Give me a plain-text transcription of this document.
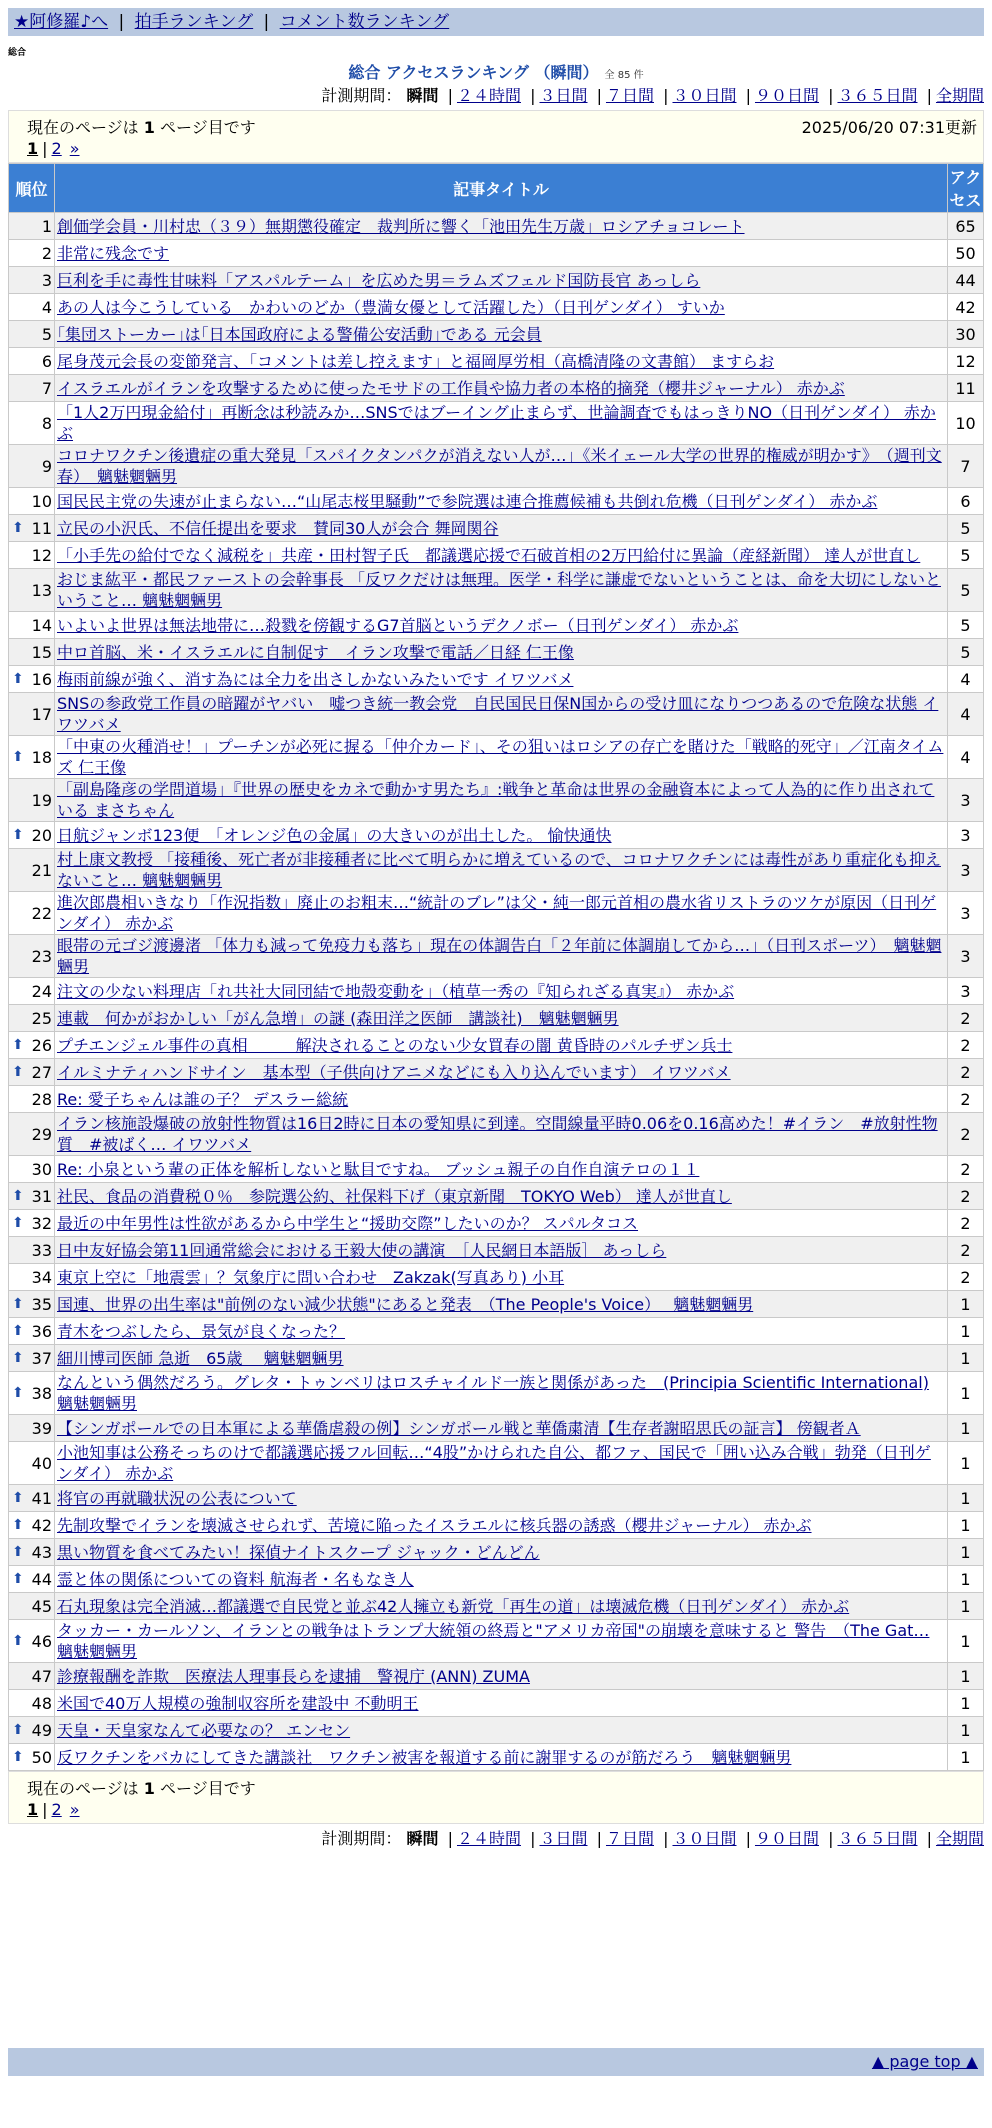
★阿修羅♪へ | 拍手ランキング | コメント数ランキング
総合
総合 アクセスランキング （瞬間） 全 85 件
計測期間： 瞬間 | ２４時間 | ３日間 | ７日間 | ３０日間 | ９０日間 | ３６５日間 | 全期間
現在のページは 1 ページ目です	2025/06/20 07:31更新
1 | 2 »
順位	記事タイトル	アクセス
1	創価学会員・川村忠（３９）無期懲役確定　裁判所に響く「池田先生万歳」ロシアチョコレート	65
2	非常に残念です	50
3	巨利を手に毒性甘味料「アスパルテーム」を広めた男＝ラムズフェルド国防長官 あっしら	44
4	あの人は今こうしている　かわいのどか（豊満女優として活躍した）（日刊ゲンダイ） すいか	42
5	｢集団ストーカー｣は｢日本国政府による警備公安活動｣である 元会員	30
6	尾身茂元会長の変節発言、「コメントは差し控えます」と福岡厚労相（高橋清隆の文書館） ますらお	12
7	イスラエルがイランを攻撃するために使ったモサドの工作員や協力者の本格的摘発（櫻井ジャーナル） 赤かぶ	11
8	「1人2万円現金給付」再断念は秒読みか…SNSではブーイング止まらず、世論調査でもはっきりNO（日刊ゲンダイ） 赤かぶ	10
9	コロナワクチン後遺症の重大発見「スパイクタンパクが消えない人が…」《米イェール大学の世界的権威が明かす》　（週刊文春）　魑魅魍魎男	7
10	国民民主党の失速が止まらない…“山尾志桜里騒動”で参院選は連合推薦候補も共倒れ危機（日刊ゲンダイ） 赤かぶ	6

⬆ 11	立民の小沢氏、不信任提出を要求　賛同30人が会合 舞岡関谷	5
12	「小手先の給付でなく減税を」共産・田村智子氏　都議選応援で石破首相の2万円給付に異論（産経新聞） 達人が世直し	5
13	おじま紘平・都民ファーストの会幹事長 「反ワクだけは無理。医学・科学に謙虚でないということは、命を大切にしないということ… 魑魅魍魎男	5
14	いよいよ世界は無法地帯に…殺戮を傍観するG7首脳というデクノボー（日刊ゲンダイ） 赤かぶ	5
15	中ロ首脳、米・イスラエルに自制促す　イラン攻撃で電話／日経 仁王像	5

⬆ 16	梅雨前線が強く、消す為には全力を出さしかないみたいです イワツバメ	4
17	SNSの参政党工作員の暗躍がヤバい　嘘つき統一教会党　自民国民日保N国からの受け皿になりつつあるので危険な状態 イワツバメ	4

⬆ 18	「中東の火種消せ！」プーチンが必死に握る「仲介カード」、その狙いはロシアの存亡を賭けた「戦略的死守」／江南タイムズ 仁王像	4
19	「副島隆彦の学問道場」『世界の歴史をカネで動かす男たち』:戦争と革命は世界の金融資本によって人為的に作り出されている まさちゃん	3

⬆ 20	日航ジャンボ123便　「オレンジ色の金属」の大きいのが出土した。 愉快通快	3
21	村上康文教授 「接種後、死亡者が非接種者に比べて明らかに増えているので、コロナワクチンには毒性があり重症化も抑えないこと… 魑魅魍魎男	3
22	進次郎農相いきなり「作況指数」廃止のお粗末…“統計のブレ”は父・純一郎元首相の農水省リストラのツケが原因（日刊ゲンダイ） 赤かぶ	3
23	眼帯の元ゴジ渡邊渚 「体力も減って免疫力も落ち」現在の体調告白「２年前に体調崩してから…」（日刊スポーツ）　魑魅魍魎男	3
24	注文の少ない料理店「れ共社大同団結で地殻変動を」（植草一秀の『知られざる真実』） 赤かぶ	3
25	連載　何かがおかしい「がん急増」の謎 (森田洋之医師　講談社)　魑魅魍魎男	2

⬆ 26	プチエンジェル事件の真相　　　解決されることのない少女買春の闇 黄昏時のパルチザン兵士	2

⬆ 27	イルミナティハンドサイン　基本型（子供向けアニメなどにも入り込んでいます） イワツバメ	2
28	Re: 愛子ちゃんは誰の子？ デスラー総統	2
29	イラン核施設爆破の放射性物質は16日2時に日本の愛知県に到達。空間線量平時0.06を0.16高めた！#イラン　#放射性物質　#被ばく… イワツバメ	2
30	Re: 小泉という輩の正体を解析しないと駄目ですね。 ブッシュ親子の自作自演テロの１１	2

⬆ 31	社民、食品の消費税０％　参院選公約、社保料下げ（東京新聞　TOKYO Web） 達人が世直し	2

⬆ 32	最近の中年男性は性欲があるから中学生と“援助交際”したいのか？ スパルタコス	2
33	日中友好協会第11回通常総会における王毅大使の講演　［人民網日本語版］ あっしら	2
34	東京上空に「地震雲」？気象庁に問い合わせ　Zakzak(写真あり) 小耳	2

⬆ 35	国連、世界の出生率は"前例のない減少状態"にあると発表　（The People's Voice）　 魑魅魍魎男	1

⬆ 36	青木をつぶしたら、景気が良くなった？	1

⬆ 37	細川博司医師 急逝　65歳　 魑魅魍魎男	1

⬆ 38	なんという偶然だろう。グレタ・トゥンベリはロスチャイルド一族と関係があった　(Principia Scientific International) 魑魅魍魎男	1
39	【シンガポールでの日本軍による華僑虐殺の例】シンガポール戦と華僑粛清【生存者謝昭思氏の証言】 傍観者Ａ	1
40	小池知事は公務そっちのけで都議選応援フル回転…“4股”かけられた自公、都ファ、国民で「囲い込み合戦」勃発（日刊ゲンダイ） 赤かぶ	1

⬆ 41	将官の再就職状況の公表について	1

⬆ 42	先制攻撃でイランを壊滅させられず、苦境に陥ったイスラエルに核兵器の誘惑（櫻井ジャーナル） 赤かぶ	1

⬆ 43	黒い物質を食べてみたい！探偵ナイトスクープ ジャック・どんどん	1

⬆ 44	霊と体の関係についての資料 航海者・名もなき人	1
45	石丸現象は完全消滅…都議選で自民党と並ぶ42人擁立も新党「再生の道」は壊滅危機（日刊ゲンダイ） 赤かぶ	1

⬆ 46	タッカー・カールソン、イランとの戦争はトランプ大統領の終焉と"アメリカ帝国"の崩壊を意味すると 警告　（The Gat… 魑魅魍魎男	1
47	診療報酬を詐欺　医療法人理事長らを逮捕　警視庁 (ANN) ZUMA	1
48	米国で40万人規模の強制収容所を建設中 不動明王	1

⬆ 49	天皇・天皇家なんて必要なの？ エンセン	1

⬆ 50	反ワクチンをバカにしてきた講談社　ワクチン被害を報道する前に謝罪するのが筋だろう　魑魅魍魎男	1
現在のページは 1 ページ目です
1 | 2 »
計測期間： 瞬間 | ２４時間 | ３日間 | ７日間 | ３０日間 | ９０日間 | ３６５日間 | 全期間
▲ page top ▲
